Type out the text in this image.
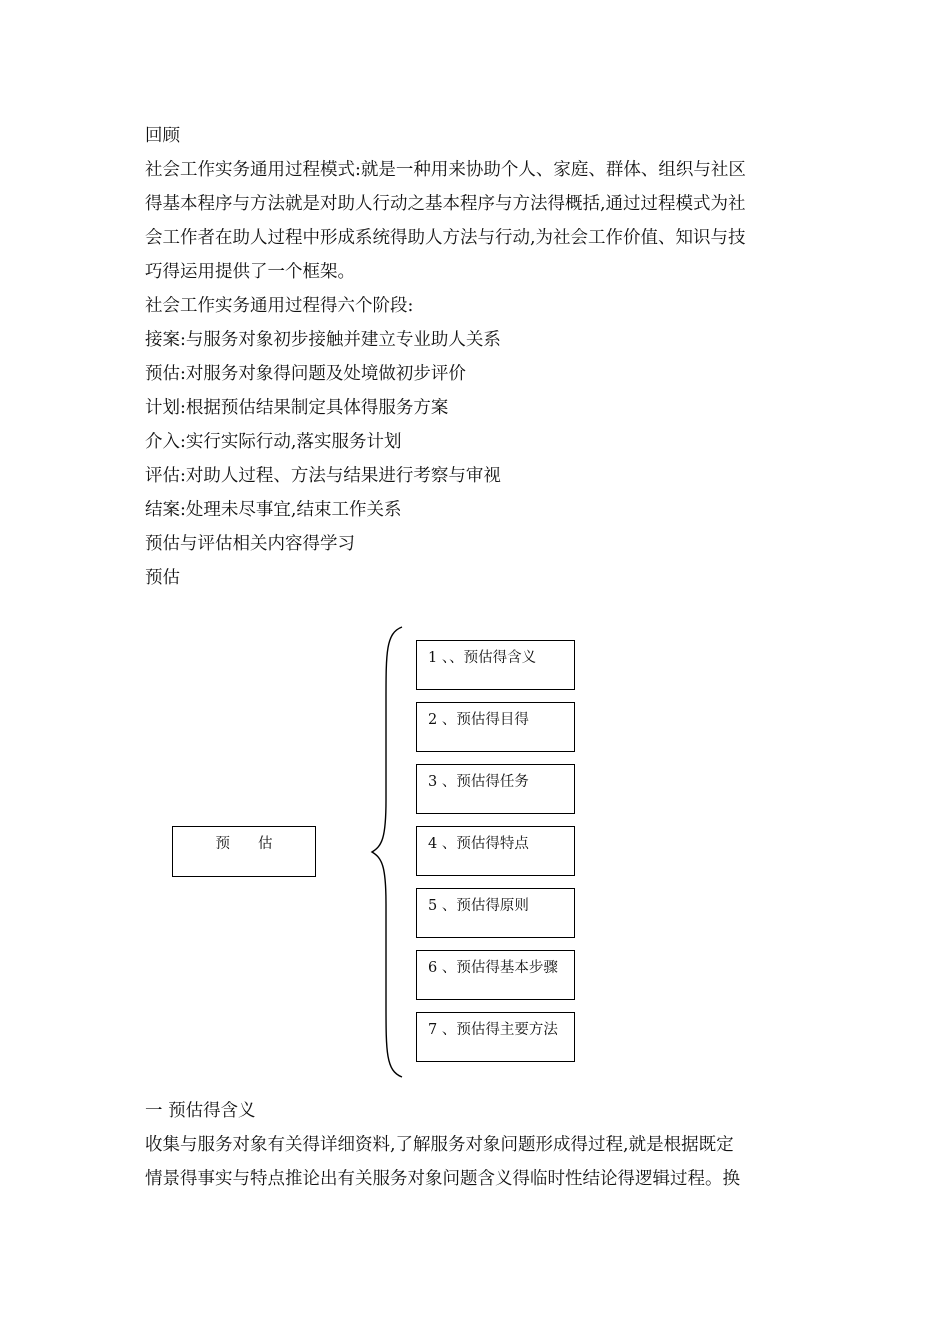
回顾
社会工作实务通用过程模式:就是一种用来协助个人、家庭、群体、组织与社区
得基本程序与方法就是对助人行动之基本程序与方法得概括,通过过程模式为社
会工作者在助人过程中形成系统得助人方法与行动,为社会工作价值、知识与技
巧得运用提供了一个框架。
社会工作实务通用过程得六个阶段:
接案:与服务对象初步接触并建立专业助人关系
预估:对服务对象得问题及处境做初步评价
计划:根据预估结果制定具体得服务方案
介入:实行实际行动,落实服务计划
评估:对助人过程、方法与结果进行考察与审视
结案:处理未尽事宜,结束工作关系
预估与评估相关内容得学习
预估
预 估
1 、、预估得含义
2 、预估得目得
3 、预估得任务
4 、预估得特点
5 、预估得原则
6 、预估得基本步骤
7 、预估得主要方法
一 预估得含义
收集与服务对象有关得详细资料,了解服务对象问题形成得过程,就是根据既定
情景得事实与特点推论出有关服务对象问题含义得临时性结论得逻辑过程。换
